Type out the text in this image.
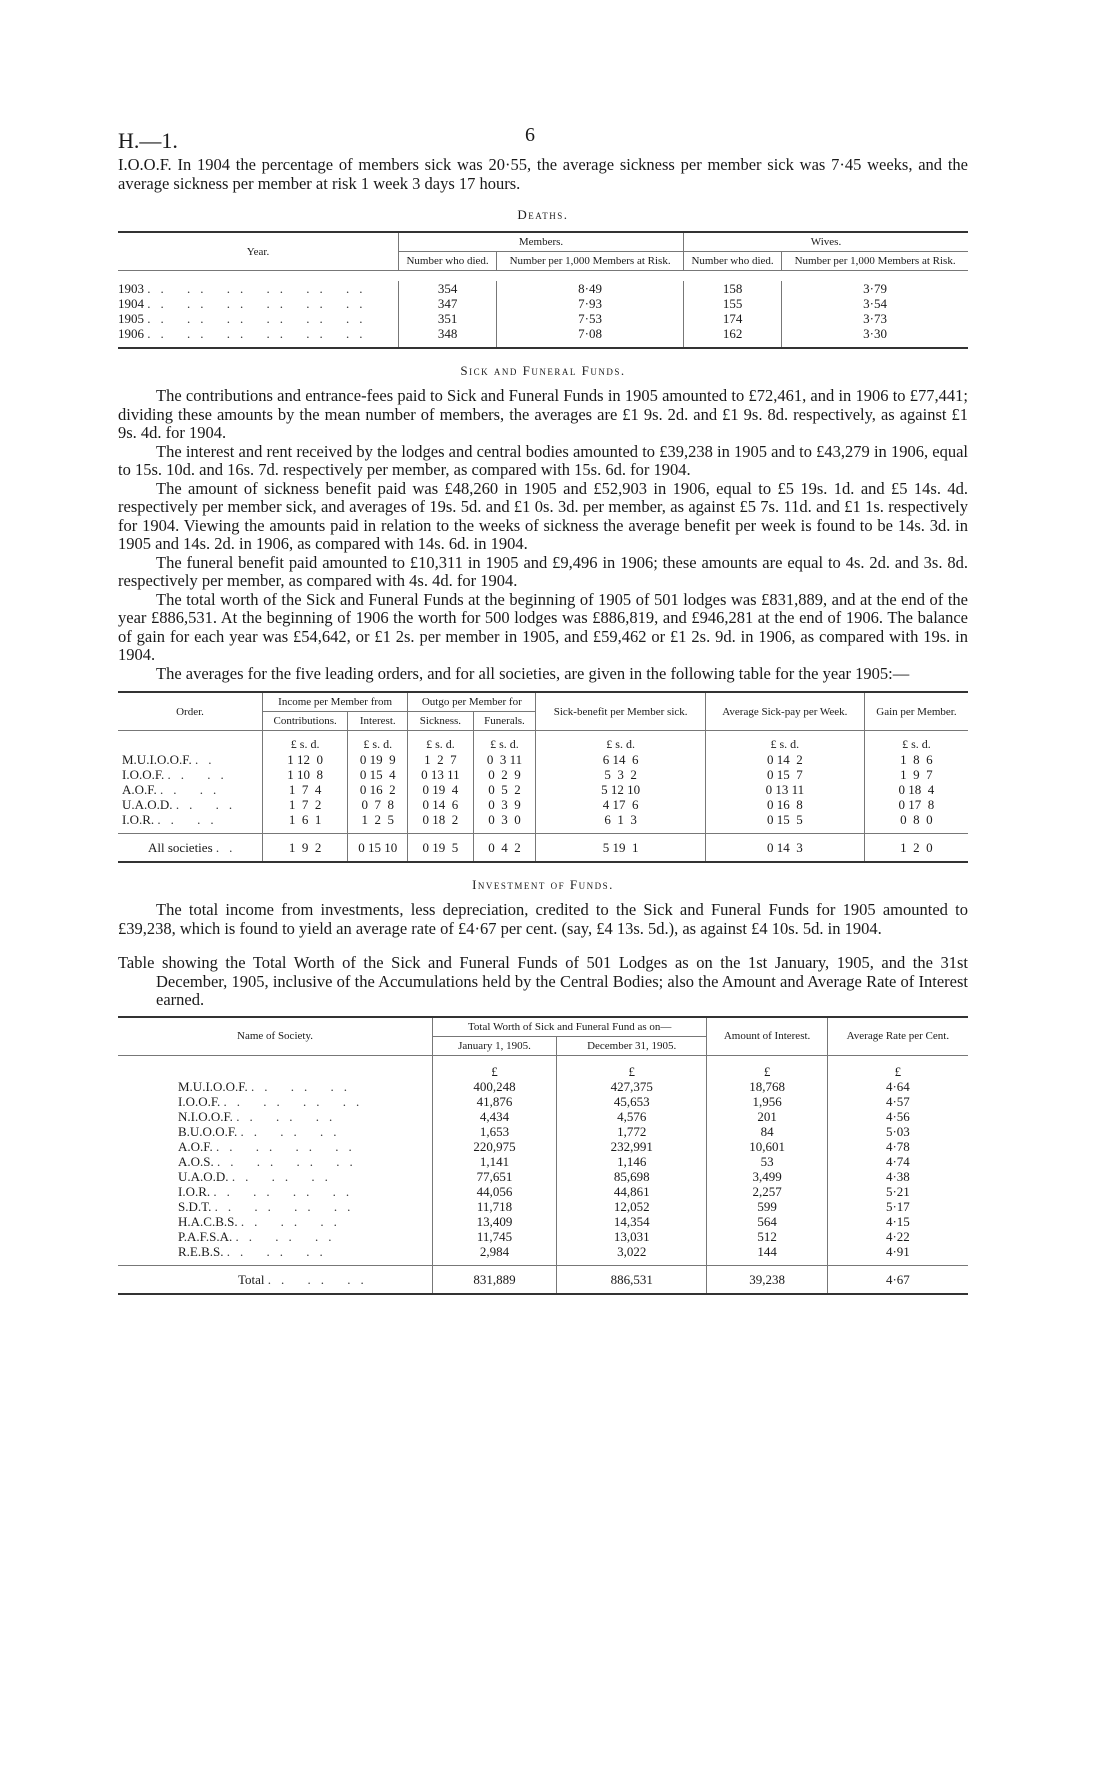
H.—1.	6

I.O.O.F. In 1904 the percentage of members sick was 20·55, the average sickness per member sick was 7·45 weeks, and the average sickness per member at risk 1 week 3 days 17 hours.

Deaths.
Year.	Members.		Wives.	
	Number who died.	Number per 1,000 Members at Risk.	Number who died.	Number per 1,000 Members at Risk.

1903 .. .. .. .. .. ..	354	8·49	158	3·79
1904 .. .. .. .. .. ..	347	7·93	155	3·54
1905 .. .. .. .. .. ..	351	7·53	174	3·73
1906 .. .. .. .. .. ..	348	7·08	162	3·30
Sick and Funeral Funds.

The contributions and entrance-fees paid to Sick and Funeral Funds in 1905 amounted to £72,461, and in 1906 to £77,441; dividing these amounts by the mean number of members, the averages are £1 9s. 2d. and £1 9s. 8d. respectively, as against £1 9s. 4d. for 1904.

The interest and rent received by the lodges and central bodies amounted to £39,238 in 1905 and to £43,279 in 1906, equal to 15s. 10d. and 16s. 7d. respectively per member, as compared with 15s. 6d. for 1904.

The amount of sickness benefit paid was £48,260 in 1905 and £52,903 in 1906, equal to £5 19s. 1d. and £5 14s. 4d. respectively per member sick, and averages of 19s. 5d. and £1 0s. 3d. per member, as against £5 7s. 11d. and £1 1s. respectively for 1904. Viewing the amounts paid in relation to the weeks of sickness the average benefit per week is found to be 14s. 3d. in 1905 and 14s. 2d. in 1906, as compared with 14s. 6d. in 1904.

The funeral benefit paid amounted to £10,311 in 1905 and £9,496 in 1906; these amounts are equal to 4s. 2d. and 3s. 8d. respectively per member, as compared with 4s. 4d. for 1904.

The total worth of the Sick and Funeral Funds at the beginning of 1905 of 501 lodges was £831,889, and at the end of the year £886,531. At the beginning of 1906 the worth for 500 lodges was £886,819, and £946,281 at the end of 1906. The balance of gain for each year was £54,642, or £1 2s. per member in 1905, and £59,462 or £1 2s. 9d. in 1906, as compared with 19s. in 1904.

The averages for the five leading orders, and for all societies, are given in the following table for the year 1905:—

Order.	Income per Member from		Outgo per Member for		Sick-benefit per Member sick.	Average Sick-pay per Week.	Gain per Member.
	Contributions.	Interest.	Sickness.	Funerals.			
	£ s. d.	£ s. d.	£ s. d.	£ s. d.	£ s. d.	£ s. d.	£ s. d.
M.U.I.O.O.F. ..	1 12  0	0 19  9	1  2  7	0  3 11	6 14  6	0 14  2	1  8  6
I.O.O.F. .. ..	1 10  8	0 15  4	0 13 11	0  2  9	5  3  2	0 15  7	1  9  7
A.O.F. .. ..	1  7  4	0 16  2	0 19  4	0  5  2	5 12 10	0 13 11	0 18  4
U.A.O.D. .. ..	1  7  2	0  7  8	0 14  6	0  3  9	4 17  6	0 16  8	0 17  8
I.O.R. .. ..	1  6  1	1  2  5	0 18  2	0  3  0	6  1  3	0 15  5	0  8  0
All societies ..	1  9  2	0 15 10	0 19  5	0  4  2	5 19  1	0 14  3	1  2  0
Investment of Funds.

The total income from investments, less depreciation, credited to the Sick and Funeral Funds for 1905 amounted to £39,238, which is found to yield an average rate of £4·67 per cent. (say, £4 13s. 5d.), as against £4 10s. 5d. in 1904.

Table showing the Total Worth of the Sick and Funeral Funds of 501 Lodges as on the 1st January, 1905, and the 31st December, 1905, inclusive of the Accumulations held by the Central Bodies; also the Amount and Average Rate of Interest earned.

Name of Society.	Total Worth of Sick and Funeral Fund as on—		Amount of Interest.	Average Rate per Cent.
	January 1, 1905.	December 31, 1905.		
	£	£	£	£
M.U.I.O.O.F. .. .. ..	400,248	427,375	18,768	4·64
I.O.O.F. .. .. .. ..	41,876	45,653	1,956	4·57
N.I.O.O.F. .. .. ..	4,434	4,576	201	4·56
B.U.O.O.F. .. .. ..	1,653	1,772	84	5·03
A.O.F. .. .. .. ..	220,975	232,991	10,601	4·78
A.O.S. .. .. .. ..	1,141	1,146	53	4·74
U.A.O.D. .. .. ..	77,651	85,698	3,499	4·38
I.O.R. .. .. .. ..	44,056	44,861	2,257	5·21
S.D.T. .. .. .. ..	11,718	12,052	599	5·17
H.A.C.B.S. .. .. ..	13,409	14,354	564	4·15
P.A.F.S.A. .. .. ..	11,745	13,031	512	4·22
R.E.B.S. .. .. ..	2,984	3,022	144	4·91
Total .. .. ..	831,889	886,531	39,238	4·67
